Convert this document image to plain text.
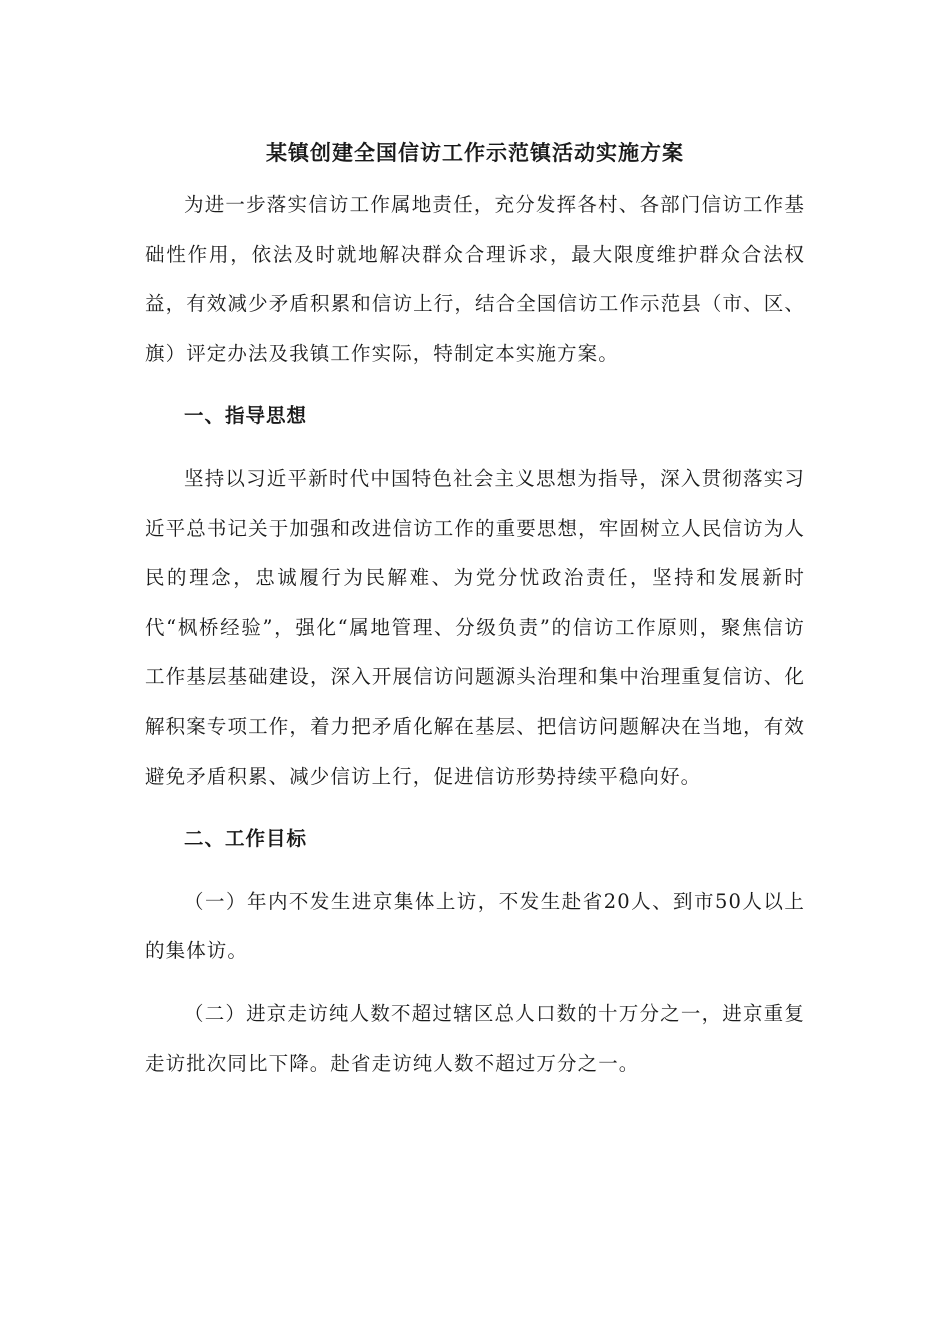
某镇创建全国信访工作示范镇活动实施方案

为进一步落实信访工作属地责任，充分发挥各村、各部门信访工作基础性作用，依法及时就地解决群众合理诉求，最大限度维护群众合法权益，有效减少矛盾积累和信访上行，结合全国信访工作示范县（市、区、旗）评定办法及我镇工作实际，特制定本实施方案。

一、指导思想

坚持以习近平新时代中国特色社会主义思想为指导，深入贯彻落实习近平总书记关于加强和改进信访工作的重要思想，牢固树立人民信访为人民的理念，忠诚履行为民解难、为党分忧政治责任，坚持和发展新时代“枫桥经验”，强化“属地管理、分级负责”的信访工作原则，聚焦信访工作基层基础建设，深入开展信访问题源头治理和集中治理重复信访、化解积案专项工作，着力把矛盾化解在基层、把信访问题解决在当地，有效避免矛盾积累、减少信访上行，促进信访形势持续平稳向好。

二、工作目标

（一）年内不发生进京集体上访，不发生赴省20人、到市50人以上的集体访。

（二）进京走访纯人数不超过辖区总人口数的十万分之一，进京重复走访批次同比下降。赴省走访纯人数不超过万分之一。
